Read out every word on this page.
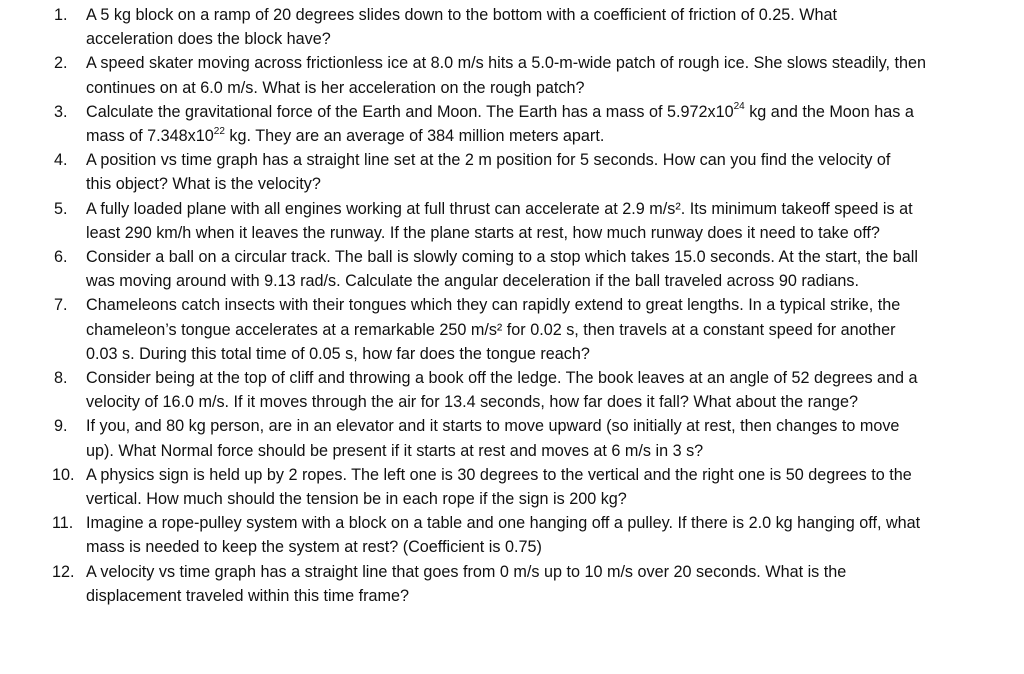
1.	A 5 kg block on a ramp of 20 degrees slides down to the bottom with a coefficient of friction of 0.25. What
acceleration does the block have?
2.	A speed skater moving across frictionless ice at 8.0 m/s hits a 5.0-m-wide patch of rough ice. She slows steadily, then
continues on at 6.0 m/s. What is her acceleration on the rough patch?
3.	Calculate the gravitational force of the Earth and Moon. The Earth has a mass of $5.972x10^{24}$ kg and the Moon has a
mass of $7.348x10^{22}$ kg. They are an average of 384 million meters apart.
4.	A position vs time graph has a straight line set at the 2 m position for 5 seconds. How can you find the velocity of
this object? What is the velocity?
5.	A fully loaded plane with all engines working at full thrust can accelerate at 2.9 m/s². Its minimum takeoff speed is at
least 290 km/h when it leaves the runway. If the plane starts at rest, how much runway does it need to take off?
6.	Consider a ball on a circular track. The ball is slowly coming to a stop which takes 15.0 seconds. At the start, the ball
was moving around with 9.13 rad/s. Calculate the angular deceleration if the ball traveled across 90 radians.
7.	Chameleons catch insects with their tongues which they can rapidly extend to great lengths. In a typical strike, the
chameleon’s tongue accelerates at a remarkable 250 m/s² for 0.02 s, then travels at a constant speed for another
0.03 s. During this total time of 0.05 s, how far does the tongue reach?
8.	Consider being at the top of cliff and throwing a book off the ledge. The book leaves at an angle of 52 degrees and a
velocity of 16.0 m/s. If it moves through the air for 13.4 seconds, how far does it fall? What about the range?
9.	If you, and 80 kg person, are in an elevator and it starts to move upward (so initially at rest, then changes to move
up). What Normal force should be present if it starts at rest and moves at 6 m/s in 3 s?
10. A physics sign is held up by 2 ropes. The left one is 30 degrees to the vertical and the right one is 50 degrees to the
vertical. How much should the tension be in each rope if the sign is 200 kg?
11. Imagine a rope-pulley system with a block on a table and one hanging off a pulley. If there is 2.0 kg hanging off, what
mass is needed to keep the system at rest? (Coefficient is 0.75)
12. A velocity vs time graph has a straight line that goes from 0 m/s up to 10 m/s over 20 seconds. What is the
displacement traveled within this time frame?
